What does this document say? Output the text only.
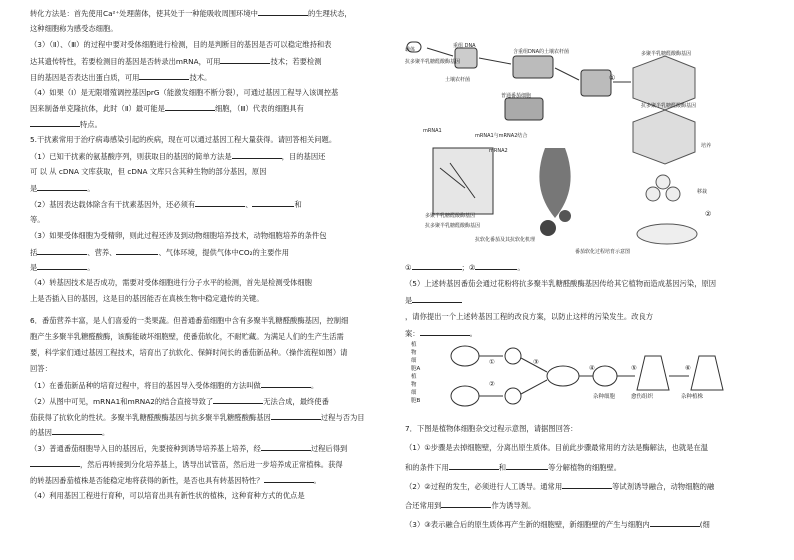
转化方法是：首先使用Ca²⁺处理菌体，使其处于一种能吸收周围环境中	的生理状态，
这种细胞称为感受态细胞。
（3）（Ⅱ）、（Ⅲ）的过程中要对受体细胞进行检测，目的是判断目的基因是否可以稳定维持和表
达其遗传特性，若要检测目的基因是否转录出mRNA，可用	技术；若要检测
目的基因是否表达出蛋白质，可用	技术。
（4）如果（I）是无限增殖调控基因prG（能激发细胞不断分裂），可通过基因工程导入该调控基
因来制备单克隆抗体，此时（Ⅱ）最可能是	细胞，（Ⅲ）代表的细胞具有
特点。
5.干扰素常用于治疗病毒感染引起的疾病，现在可以通过基因工程大量获得。请回答相关问题。
（1）已知干扰素的氨基酸序列，则获取目的基因的简单方法是	，目的基因还
可 以 从 cDNA 文库获取，但 cDNA 文库只含其种生物的部分基因，原因
是	。
（2）基因表达载体除含有干扰素基因外，还必须有	、	和
等。
（3）如果受体细胞为受精卵，则此过程还涉及到动物细胞培养技术，动物细胞培养的条件包
括	、营养、	、气体环境，提供气体中CO₂的主要作用
是	。
（4）转基因技术是否成功，需要对受体细胞进行分子水平的检测，首先是检测受体细胞
上是否插入目的基因，这是目的基因能否在真核生物中稳定遗传的关键。
6．番茄营养丰富，是人们喜爱的一类果蔬。但普通番茄细胞中含有多聚半乳糖醛酸酶基因，控制细
胞产生多聚半乳糖醛酸酶，该酶能破坏细胞壁，使番茄软化，不耐贮藏。为满足人们的生产生活需
要，科学家们通过基因工程技术，培育出了抗软化、保鲜时间长的番茄新品种。（操作流程如图）请
回答：
（1）在番茄新品种的培育过程中，将目的基因导入受体细胞的方法叫做	。
（2）从图中可见，mRNA1和mRNA2的结合直接导致了	无法合成，最终使番
茄获得了抗软化的性状。多聚半乳糖醛酸酶基因与抗多聚半乳糖醛酸酶基因	过程与否为目
的基因	。
（3）普通番茄细胞导入目的基因后，先要接种到诱导培养基上培养，经	过程后得到
，然后再转接到分化培养基上，诱导出试管苗，然后进一步培养成正常植株。获得
的转基因番茄植株是否能稳定地将获得的新性，是否也具有转基因特性？	。
（4）利用基因工程进行育种，可以培育出具有新性状的植株，这种育种方式的优点是
载体
重组 DNA
抗多聚半乳糖醛酸酶基因
土壤农杆菌
含重组DNA的土壤农杆菌
普通番茄细胞
多聚半乳糖醛酸酶基因
抗多聚半乳糖醛酸酶基因
培养
移栽
mRNA1
mRNA2
mRNA1与mRNA2结合
多聚半乳糖醛酸酶基因
抗多聚半乳糖醛酸酶基因
抗软化番茄及其抗软化机理
①
②
番茄软化过程培育示意图
植物细胞A
植物细胞B
杂种细胞	愈伤组织	杂种植株
①
②
③
④	⑤	⑥
①	；②	。
（5）上述转基因番茄会通过花粉将抗多聚半乳糖醛酸酶基因传给其它植物而造成基因污染，原因
是
，请你提出一个上述转基因工程的改良方案，以防止这样的污染发生。改良方
案：	。
7．下图是植物体细胞杂交过程示意图，请据图回答：
（1）①步骤是去掉细胞壁，分离出原生质体。目前此步骤最常用的方法是酶解法，也就是在温
和的条件下用	和	等分解植物的细胞壁。
（2）②过程的发生，必须进行人工诱导。通常用	等试剂诱导融合，动物细胞的融
合还常用到	作为诱导剂。
（3）③表示融合后的原生质体再产生新的细胞壁，新细胞壁的产生与细胞内	(细
